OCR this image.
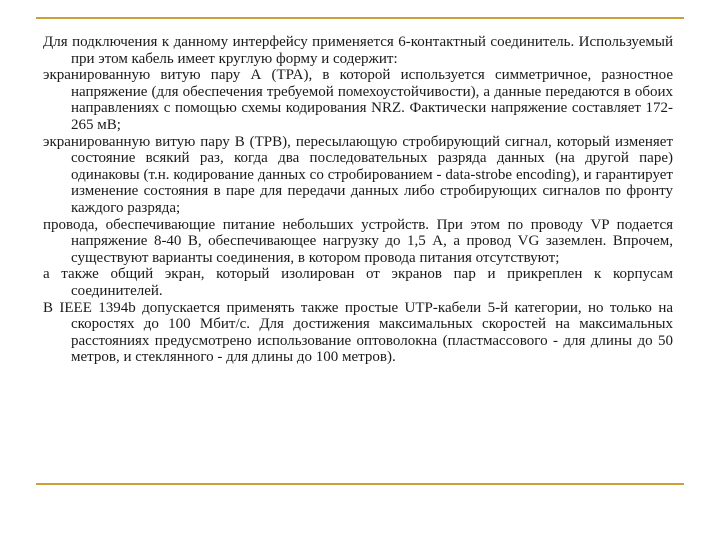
Для подключения к данному интерфейсу применяется 6-контактный соединитель. Используемый при этом кабель имеет круглую форму и содержит:

экранированную витую пару А (TPA), в которой используется симметричное, разностное напряжение (для обеспечения требуемой помехоустойчивости), а данные передаются в обоих направлениях с помощью схемы кодирования NRZ. Фактически напряжение составляет 172-265 мВ;

экранированную витую пару В (TPB), пересылающую стробирующий сигнал, который изменяет состояние всякий раз, когда два последовательных разряда данных (на другой паре) одинаковы (т.н. кодирование данных со стробированием - data-strobe encoding), и гарантирует изменение состояния в паре для передачи данных либо стробирующих сигналов по фронту каждого разряда;

провода, обеспечивающие питание небольших устройств. При этом по проводу VP подается напряжение 8-40 В, обеспечивающее нагрузку до 1,5 А, а провод VG заземлен. Впрочем, существуют варианты соединения, в котором провода питания отсутствуют;

а также общий экран, который изолирован от экранов пар и прикреплен к корпусам соединителей.

В IEEE 1394b допускается применять также простые UTP-кабели 5-й категории, но только на скоростях до 100 Мбит/с. Для достижения максимальных скоростей на максимальных расстояниях предусмотрено использование оптоволокна (пластмассового - для длины до 50 метров, и стеклянного - для длины до 100 метров).
